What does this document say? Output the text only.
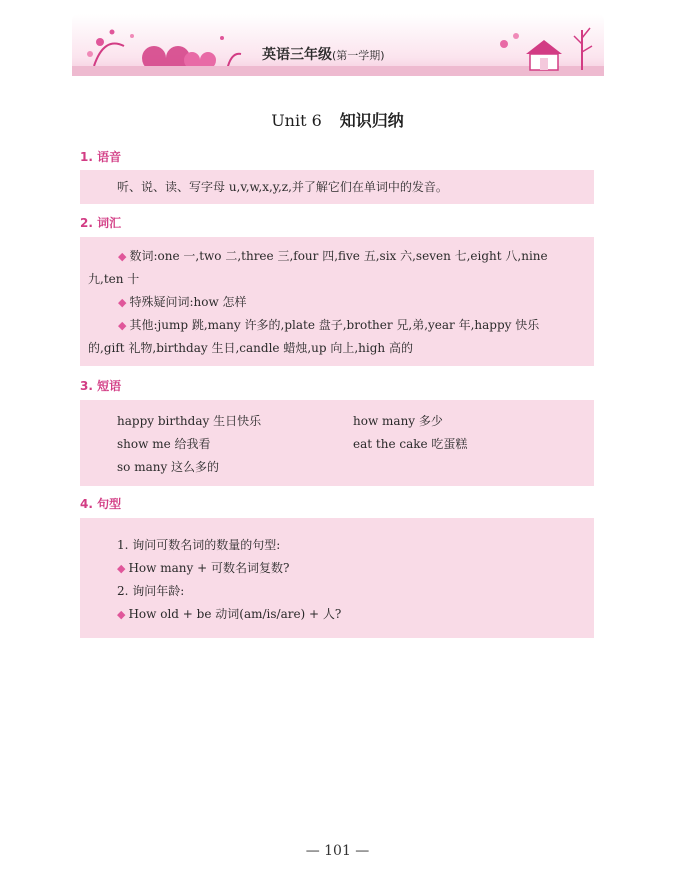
英语三年级(第一学期)
Unit 6 知识归纳
1. 语音
听、说、读、写字母 u,v,w,x,y,z,并了解它们在单词中的发音。
2. 词汇
◆ 数词:one 一,two 二,three 三,four 四,five 五,six 六,seven 七,eight 八,nine
九,ten 十
◆ 特殊疑问词:how 怎样
◆ 其他:jump 跳,many 许多的,plate 盘子,brother 兄,弟,year 年,happy 快乐
的,gift 礼物,birthday 生日,candle 蜡烛,up 向上,high 高的
3. 短语
happy birthday 生日快乐	how many 多少
show me 给我看	eat the cake 吃蛋糕
so many 这么多的
4. 句型
1. 询问可数名词的数量的句型:
◆ How many + 可数名词复数?
2. 询问年龄:
◆ How old + be 动词(am/is/are) + 人?
— 101 —
